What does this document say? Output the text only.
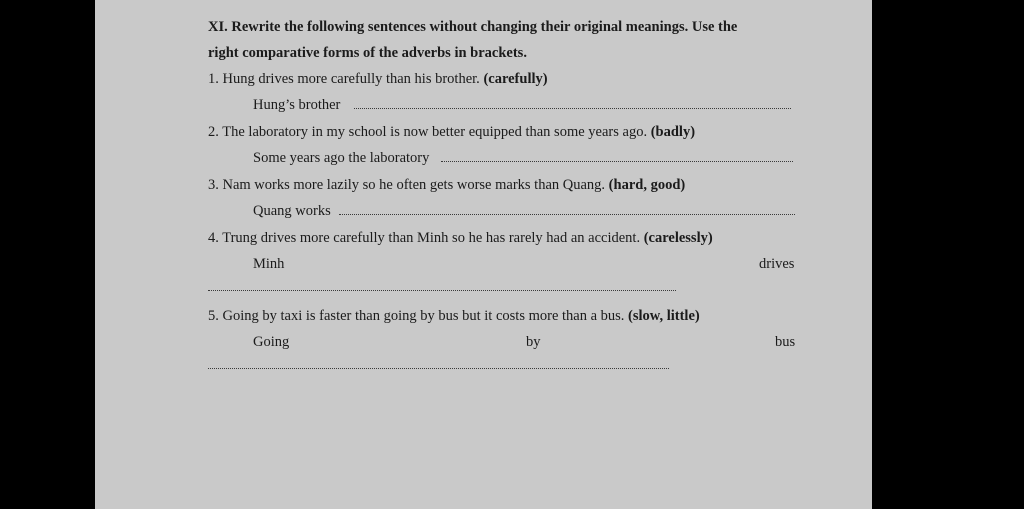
XI. Rewrite the following sentences without changing their original meanings. Use the
right comparative forms of the adverbs in brackets.
1. Hung drives more carefully than his brother. (carefully)
Hung’s brother
2. The laboratory in my school is now better equipped than some years ago. (badly)
Some years ago the laboratory
3. Nam works more lazily so he often gets worse marks than Quang. (hard, good)
Quang works
4. Trung drives more carefully than Minh so he has rarely had an accident. (carelessly)
Minh	drives
5. Going by taxi is faster than going by bus but it costs more than a bus. (slow, little)
Going	by	bus
